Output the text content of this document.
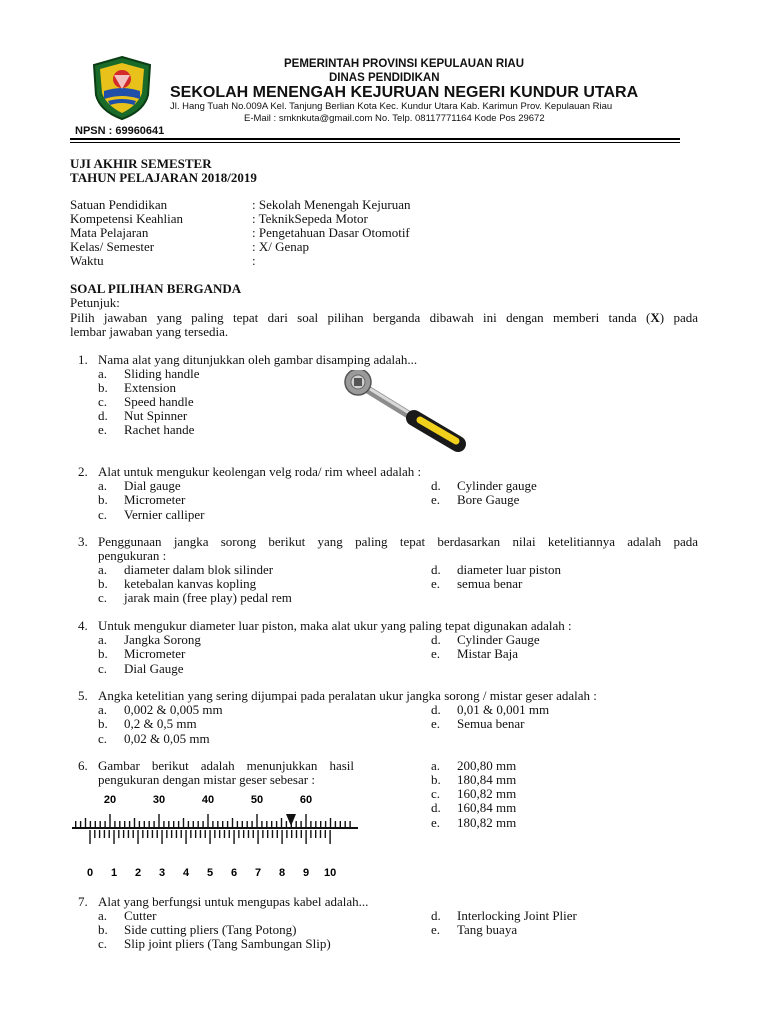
PEMERINTAH PROVINSI KEPULAUAN RIAU
DINAS PENDIDIKAN
SEKOLAH MENENGAH KEJURUAN NEGERI KUNDUR UTARA
Jl. Hang Tuah No.009A Kel. Tanjung Berlian Kota Kec. Kundur Utara Kab. Karimun Prov. Kepulauan Riau
E-Mail : smknkuta@gmail.com No. Telp. 08117771164 Kode Pos 29672
NPSN : 69960641
UJI AKHIR SEMESTER
TAHUN PELAJARAN 2018/2019
Satuan Pendidikan	: Sekolah Menengah Kejuruan
Kompetensi Keahlian	: TeknikSepeda Motor
Mata Pelajaran	: Pengetahuan Dasar Otomotif
Kelas/ Semester	: X/ Genap
Waktu	:
SOAL PILIHAN BERGANDA
Petunjuk:
Pilih jawaban yang paling tepat dari soal pilihan berganda dibawah ini dengan memberi tanda (X) pada
lembar jawaban yang tersedia.
1. Nama alat yang ditunjukkan oleh gambar disamping adalah...
a. Sliding handle
b. Extension
c. Speed handle
d. Nut Spinner
e. Rachet hande
2. Alat untuk mengukur keolengan velg roda/ rim wheel adalah :
a. Dial gauge
b. Micrometer
c. Vernier calliper
d. Cylinder gauge
e. Bore Gauge
3. Penggunaan jangka sorong berikut yang paling tepat berdasarkan nilai ketelitiannya adalah pada
pengukuran :
a. diameter dalam blok silinder
b. ketebalan kanvas kopling
c. jarak main (free play) pedal rem
d. diameter luar piston
e. semua benar
4. Untuk mengukur diameter luar piston, maka alat ukur yang paling tepat digunakan adalah :
a. Jangka Sorong
b. Micrometer
c. Dial Gauge
d. Cylinder Gauge
e. Mistar Baja
5. Angka ketelitian yang sering dijumpai pada peralatan ukur jangka sorong / mistar geser adalah :
a. 0,002 & 0,005 mm
b. 0,2 & 0,5 mm
c. 0,02 & 0,05 mm
d. 0,01 & 0,001 mm
e. Semua benar
6. Gambar berikut adalah menunjukkan hasil
pengukuran dengan mistar geser sebesar :
a. 200,80 mm
b. 180,84 mm
c. 160,82 mm
d. 160,84 mm
e. 180,82 mm
20	30	40	50	60
0 1 2 3 4 5 6 7 8 9 10
7. Alat yang berfungsi untuk mengupas kabel adalah...
a. Cutter
b. Side cutting pliers (Tang Potong)
c. Slip joint pliers (Tang Sambungan Slip)
d. Interlocking Joint Plier
e. Tang buaya
